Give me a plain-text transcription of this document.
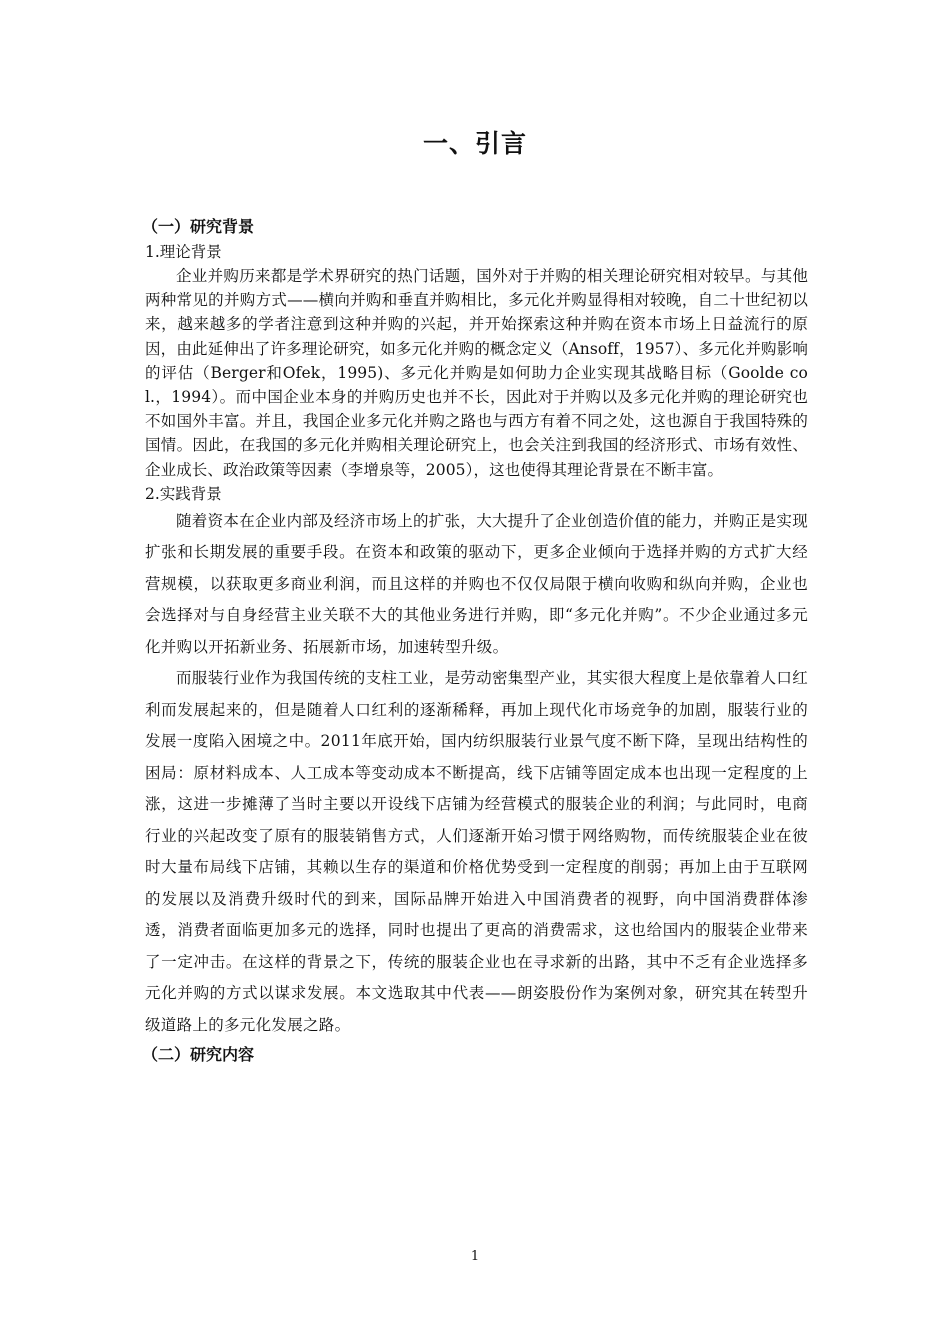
一、引言
（一）研究背景
1.理论背景

企业并购历来都是学术界研究的热门话题，国外对于并购的相关理论研究相对较早。与其他两种常见的并购方式——横向并购和垂直并购相比，多元化并购显得相对较晚，自二十世纪初以来，越来越多的学者注意到这种并购的兴起，并开始探索这种并购在资本市场上日益流行的原因，由此延伸出了许多理论研究，如多元化并购的概念定义（Ansoff，1957）、多元化并购影响的评估（Berger和Ofek，1995)、多元化并购是如何助力企业实现其战略目标（Goolde col.，1994）。而中国企业本身的并购历史也并不长，因此对于并购以及多元化并购的理论研究也不如国外丰富。并且，我国企业多元化并购之路也与西方有着不同之处，这也源自于我国特殊的国情。因此，在我国的多元化并购相关理论研究上，也会关注到我国的经济形式、市场有效性、企业成长、政治政策等因素（李增泉等，2005），这也使得其理论背景在不断丰富。

2.实践背景

随着资本在企业内部及经济市场上的扩张，大大提升了企业创造价值的能力，并购正是实现扩张和长期发展的重要手段。在资本和政策的驱动下，更多企业倾向于选择并购的方式扩大经营规模，以获取更多商业利润，而且这样的并购也不仅仅局限于横向收购和纵向并购，企业也会选择对与自身经营主业关联不大的其他业务进行并购，即“多元化并购”。不少企业通过多元化并购以开拓新业务、拓展新市场，加速转型升级。

而服装行业作为我国传统的支柱工业，是劳动密集型产业，其实很大程度上是依靠着人口红利而发展起来的，但是随着人口红利的逐渐稀释，再加上现代化市场竞争的加剧，服装行业的发展一度陷入困境之中。2011年底开始，国内纺织服装行业景气度不断下降，呈现出结构性的困局：原材料成本、人工成本等变动成本不断提高，线下店铺等固定成本也出现一定程度的上涨，这进一步摊薄了当时主要以开设线下店铺为经营模式的服装企业的利润；与此同时，电商行业的兴起改变了原有的服装销售方式，人们逐渐开始习惯于网络购物，而传统服装企业在彼时大量布局线下店铺，其赖以生存的渠道和价格优势受到一定程度的削弱；再加上由于互联网的发展以及消费升级时代的到来，国际品牌开始进入中国消费者的视野，向中国消费群体渗透，消费者面临更加多元的选择，同时也提出了更高的消费需求，这也给国内的服装企业带来了一定冲击。在这样的背景之下，传统的服装企业也在寻求新的出路，其中不乏有企业选择多元化并购的方式以谋求发展。本文选取其中代表——朗姿股份作为案例对象，研究其在转型升级道路上的多元化发展之路。

（二）研究内容
1
